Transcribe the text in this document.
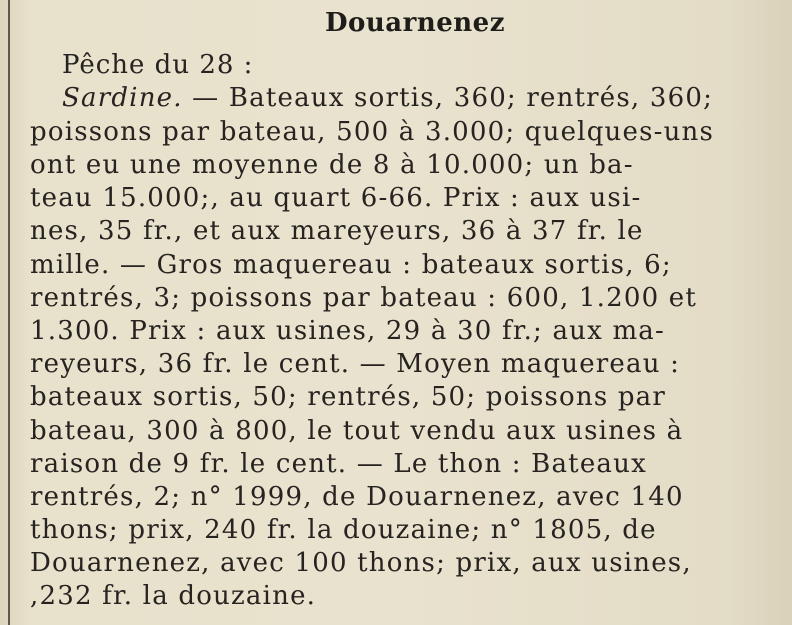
Douarnenez
Pêche du 28 :
Sardine. — Bateaux sortis, 360; rentrés, 360;
poissons par bateau, 500 à 3.000; quelques-uns
ont eu une moyenne de 8 à 10.000; un ba-
teau 15.000;, au quart 6-66. Prix : aux usi-
nes, 35 fr., et aux mareyeurs, 36 à 37 fr. le
mille. — Gros maquereau : bateaux sortis, 6;
rentrés, 3; poissons par bateau : 600, 1.200 et
1.300. Prix : aux usines, 29 à 30 fr.; aux ma-
reyeurs, 36 fr. le cent. — Moyen maquereau :
bateaux sortis, 50; rentrés, 50; poissons par
bateau, 300 à 800, le tout vendu aux usines à
raison de 9 fr. le cent. — Le thon : Bateaux
rentrés, 2; n° 1999, de Douarnenez, avec 140
thons; prix, 240 fr. la douzaine; n° 1805, de
Douarnenez, avec 100 thons; prix, aux usines,
,232 fr. la douzaine.
